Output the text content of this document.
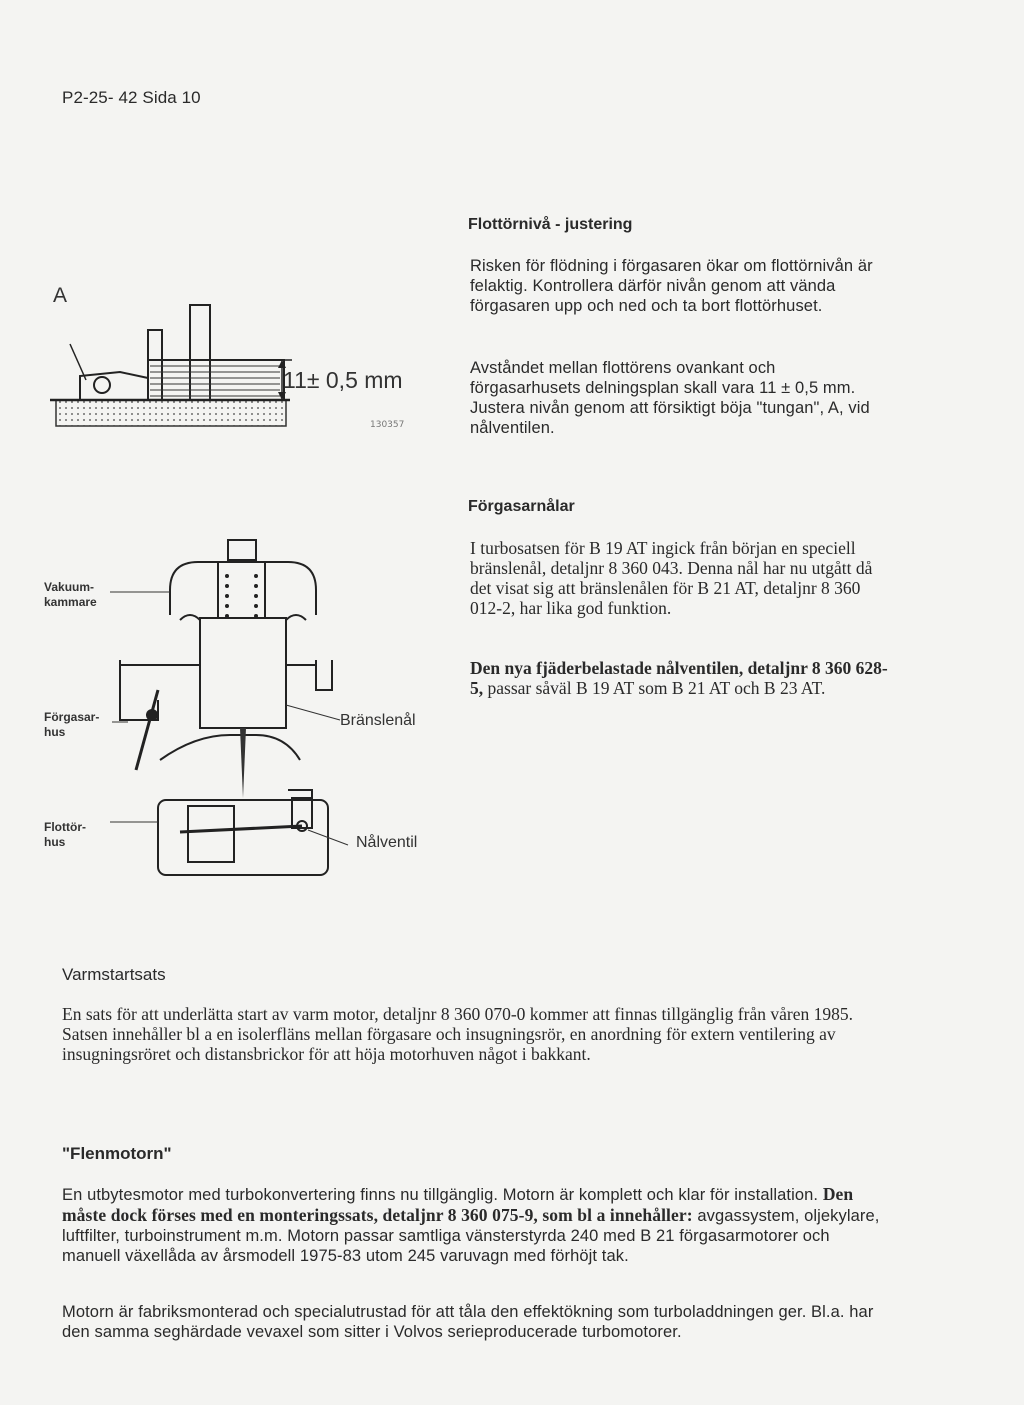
P2-25- 42 Sida 10
A
11± 0,5 mm
130357
Flottörnivå - justering

Risken för flödning i förgasaren ökar om flottörnivån är felaktig. Kontrollera därför nivån genom att vända förgasaren upp och ned och ta bort flottörhuset.

Avståndet mellan flottörens ovankant och förgasarhusets delningsplan skall vara 11 ± 0,5 mm. Justera nivån genom att försiktigt böja "tungan", A, vid nålventilen.

Vakuum-
kammare
Förgasar-
hus
Flottör-
hus
Bränslenål
Nålventil
Förgasarnålar

I turbosatsen för B 19 AT ingick från början en speciell bränslenål, detaljnr 8 360 043. Denna nål har nu utgått då det visat sig att bränslenålen för B 21 AT, detaljnr 8 360 012-2, har lika god funktion.

Den nya fjäderbelastade nålventilen, detaljnr 8 360 628-5, passar såväl B 19 AT som B 21 AT och B 23 AT.

Varmstartsats

En sats för att underlätta start av varm motor, detaljnr 8 360 070-0 kommer att finnas tillgänglig från våren 1985. Satsen innehåller bl a en isolerfläns mellan förgasare och insugningsrör, en anordning för extern ventilering av insugningsröret och distansbrickor för att höja motorhuven något i bakkant.

"Flenmotorn"

En utbytesmotor med turbokonvertering finns nu tillgänglig. Motorn är komplett och klar för installation. Den måste dock förses med en monteringssats, detaljnr 8 360 075-9, som bl a innehåller: avgassystem, oljekylare, luftfilter, turboinstrument m.m. Motorn passar samtliga vänsterstyrda 240 med B 21 förgasarmotorer och manuell växellåda av årsmodell 1975-83 utom 245 varuvagn med förhöjt tak.

Motorn är fabriksmonterad och specialutrustad för att tåla den effektökning som turboladdningen ger. Bl.a. har den samma seghärdade vevaxel som sitter i Volvos serieproducerade turbomotorer.
